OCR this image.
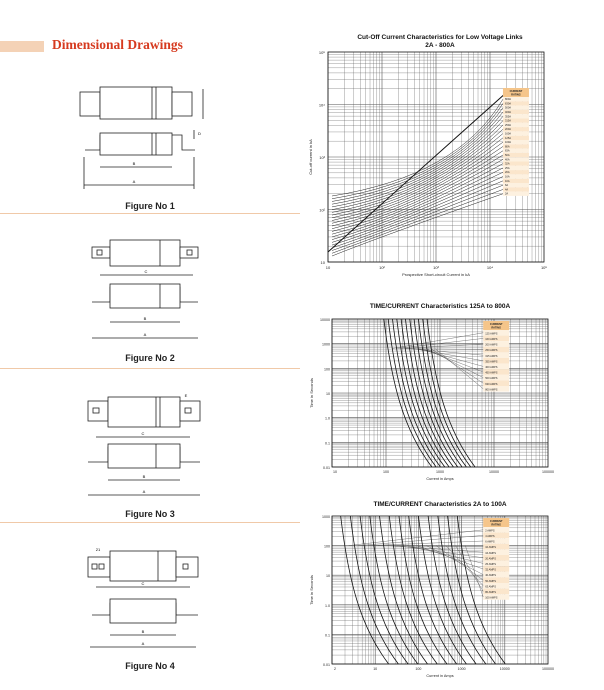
Dimensional Drawings
B
A
D
Figure No 1
C
B
A
Figure No 2
E
C
B
A
Figure No 3
21
C
B
A
Figure No 4
Cut-Off Current Characteristics for Low Voltage Links
2A - 800A
CURRENT
RATING
800A
630A
500A
400A
355A
315A
250A
200A
160A
125A
100A
80A
63A
50A
40A
32A
25A
20A
16A
10A
6A
4A
2A
10	10²	10³	10⁴	10⁵
10⁵
10⁴
10³
10²
10
Prospective Short-circuit Current in kA
Cut-off current in kA
TIME/CURRENT Characteristics 125A to 800A
CURRENT
RATING
125 AMPS
160 AMPS
200 AMPS
250 AMPS
315 AMPS
355 AMPS
400 AMPS
450 AMPS
500 AMPS
630 AMPS
800 AMPS
10	100	1000	10000	100000
10000
1000
100
10
1.0
0.1
0.01
Current in Amps
Time in Seconds
TIME/CURRENT Characteristics 2A to 100A
CURRENT
RATING
2 AMPS
4 AMPS
6 AMPS
10 AMPS
16 AMPS
20 AMPS
25 AMPS
32 AMPS
40 AMPS
50 AMPS
63 AMPS
80 AMPS
100 AMPS
2	10	100	1000	10000	100000
1000
100
10
1.0
0.1
0.01
Current in Amps
Time in Seconds
